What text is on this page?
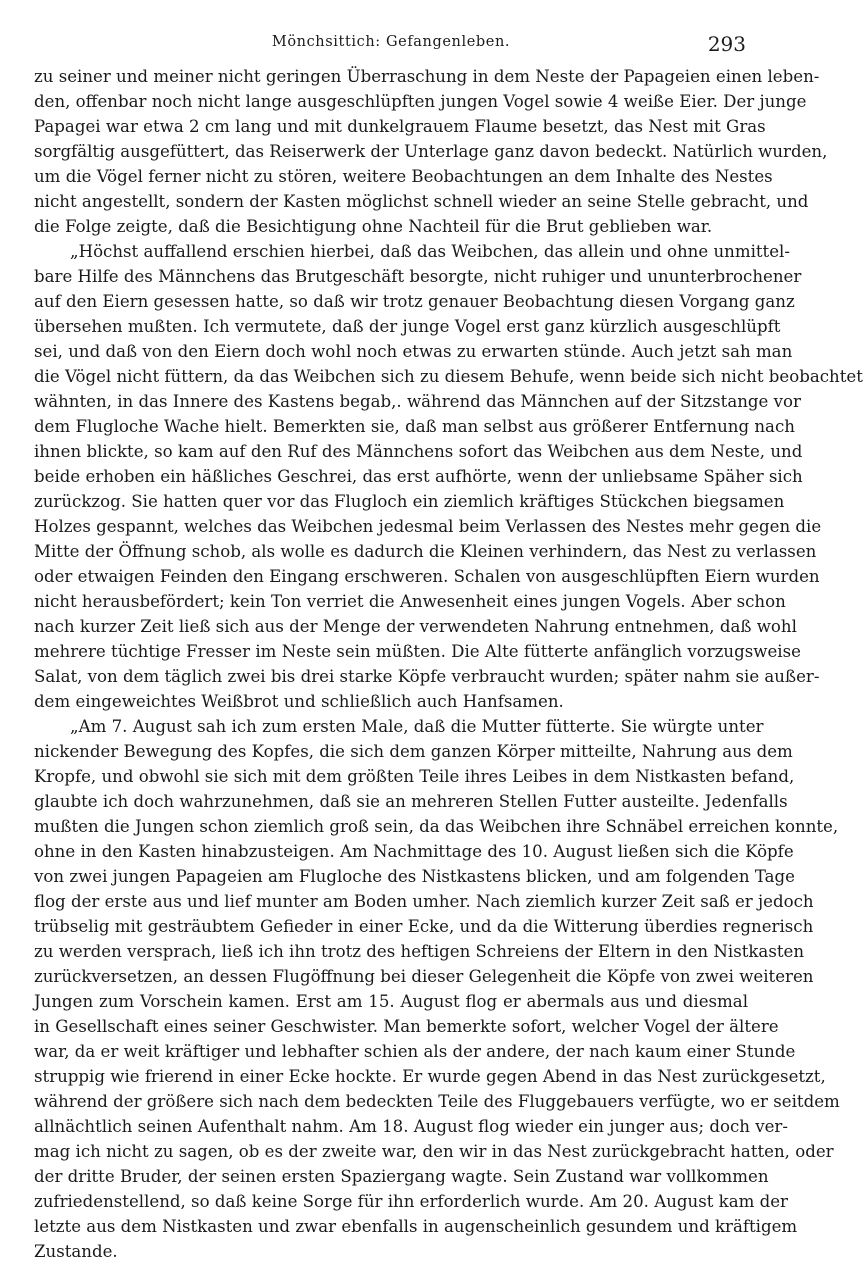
Mönchsittich: Gefangenleben.	293
zu seiner und meiner nicht geringen Überraschung in dem Neste der Papageien einen leben-
den, offenbar noch nicht lange ausgeschlüpften jungen Vogel sowie 4 weiße Eier. Der junge
Papagei war etwa 2 cm lang und mit dunkelgrauem Flaume besetzt, das Nest mit Gras
sorgfältig ausgefüttert, das Reiserwerk der Unterlage ganz davon bedeckt. Natürlich wurden,
um die Vögel ferner nicht zu stören, weitere Beobachtungen an dem Inhalte des Nestes
nicht angestellt, sondern der Kasten möglichst schnell wieder an seine Stelle gebracht, und
die Folge zeigte, daß die Besichtigung ohne Nachteil für die Brut geblieben war.
„Höchst auffallend erschien hierbei, daß das Weibchen, das allein und ohne unmittel-
bare Hilfe des Männchens das Brutgeschäft besorgte, nicht ruhiger und ununterbrochener
auf den Eiern gesessen hatte, so daß wir trotz genauer Beobachtung diesen Vorgang ganz
übersehen mußten. Ich vermutete, daß der junge Vogel erst ganz kürzlich ausgeschlüpft
sei, und daß von den Eiern doch wohl noch etwas zu erwarten stünde. Auch jetzt sah man
die Vögel nicht füttern, da das Weibchen sich zu diesem Behufe, wenn beide sich nicht beobachtet
wähnten, in das Innere des Kastens begab,. während das Männchen auf der Sitzstange vor
dem Flugloche Wache hielt. Bemerkten sie, daß man selbst aus größerer Entfernung nach
ihnen blickte, so kam auf den Ruf des Männchens sofort das Weibchen aus dem Neste, und
beide erhoben ein häßliches Geschrei, das erst aufhörte, wenn der unliebsame Späher sich
zurückzog. Sie hatten quer vor das Flugloch ein ziemlich kräftiges Stückchen biegsamen
Holzes gespannt, welches das Weibchen jedesmal beim Verlassen des Nestes mehr gegen die
Mitte der Öffnung schob, als wolle es dadurch die Kleinen verhindern, das Nest zu verlassen
oder etwaigen Feinden den Eingang erschweren. Schalen von ausgeschlüpften Eiern wurden
nicht herausbefördert; kein Ton verriet die Anwesenheit eines jungen Vogels. Aber schon
nach kurzer Zeit ließ sich aus der Menge der verwendeten Nahrung entnehmen, daß wohl
mehrere tüchtige Fresser im Neste sein müßten. Die Alte fütterte anfänglich vorzugsweise
Salat, von dem täglich zwei bis drei starke Köpfe verbraucht wurden; später nahm sie außer-
dem eingeweichtes Weißbrot und schließlich auch Hanfsamen.
„Am 7. August sah ich zum ersten Male, daß die Mutter fütterte. Sie würgte unter
nickender Bewegung des Kopfes, die sich dem ganzen Körper mitteilte, Nahrung aus dem
Kropfe, und obwohl sie sich mit dem größten Teile ihres Leibes in dem Nistkasten befand,
glaubte ich doch wahrzunehmen, daß sie an mehreren Stellen Futter austeilte. Jedenfalls
mußten die Jungen schon ziemlich groß sein, da das Weibchen ihre Schnäbel erreichen konnte,
ohne in den Kasten hinabzusteigen. Am Nachmittage des 10. August ließen sich die Köpfe
von zwei jungen Papageien am Flugloche des Nistkastens blicken, und am folgenden Tage
flog der erste aus und lief munter am Boden umher. Nach ziemlich kurzer Zeit saß er jedoch
trübselig mit gesträubtem Gefieder in einer Ecke, und da die Witterung überdies regnerisch
zu werden versprach, ließ ich ihn trotz des heftigen Schreiens der Eltern in den Nistkasten
zurückversetzen, an dessen Flugöffnung bei dieser Gelegenheit die Köpfe von zwei weiteren
Jungen zum Vorschein kamen. Erst am 15. August flog er abermals aus und diesmal
in Gesellschaft eines seiner Geschwister. Man bemerkte sofort, welcher Vogel der ältere
war, da er weit kräftiger und lebhafter schien als der andere, der nach kaum einer Stunde
struppig wie frierend in einer Ecke hockte. Er wurde gegen Abend in das Nest zurückgesetzt,
während der größere sich nach dem bedeckten Teile des Fluggebauers verfügte, wo er seitdem
allnächtlich seinen Aufenthalt nahm. Am 18. August flog wieder ein junger aus; doch ver-
mag ich nicht zu sagen, ob es der zweite war, den wir in das Nest zurückgebracht hatten, oder
der dritte Bruder, der seinen ersten Spaziergang wagte. Sein Zustand war vollkommen
zufriedenstellend, so daß keine Sorge für ihn erforderlich wurde. Am 20. August kam der
letzte aus dem Nistkasten und zwar ebenfalls in augenscheinlich gesundem und kräftigem
Zustande.
